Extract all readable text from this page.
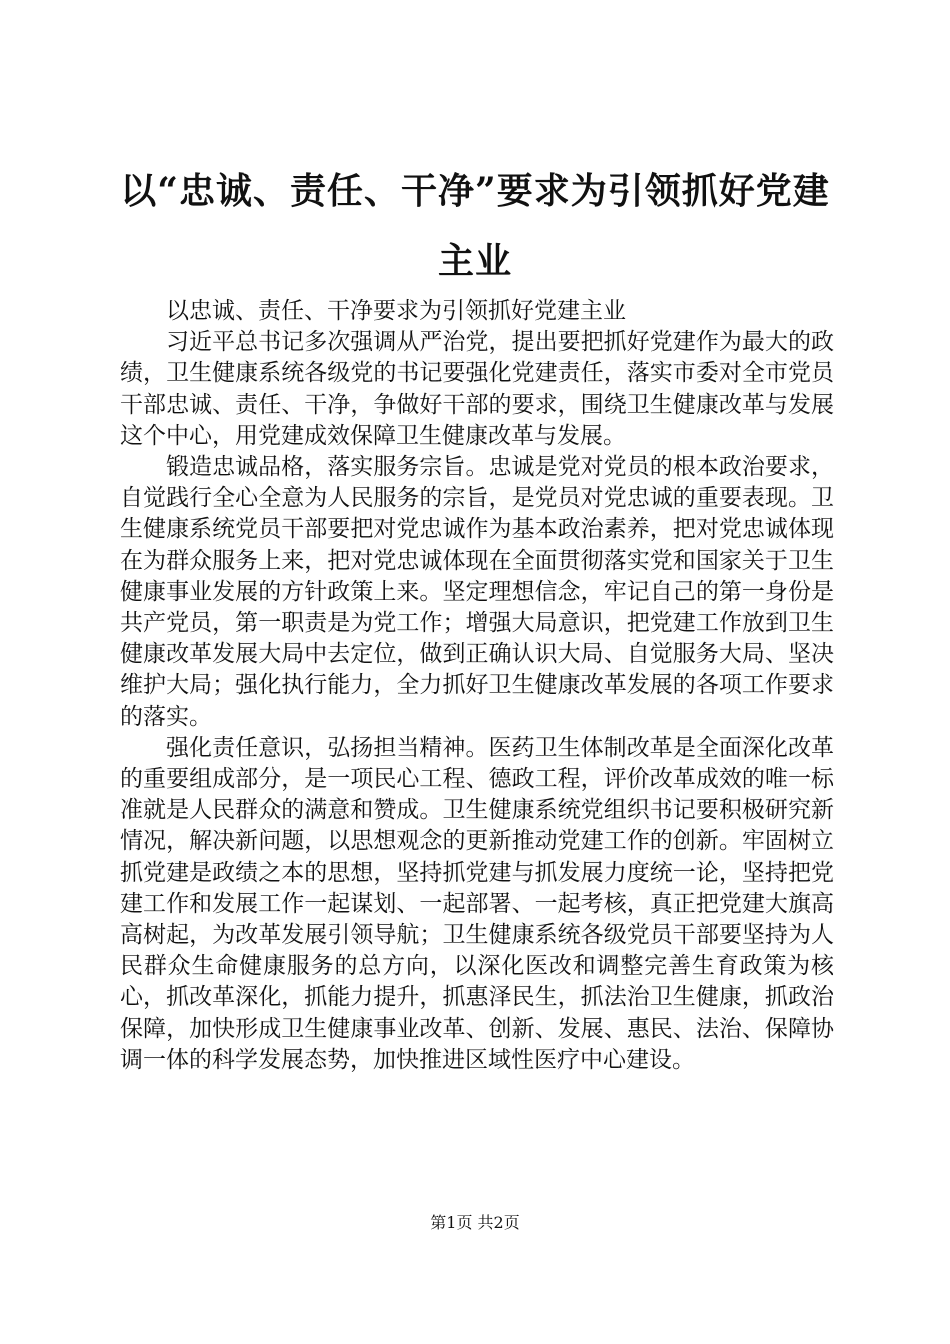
以“忠诚、责任、干净”要求为引领抓好党建主业

以忠诚、责任、干净要求为引领抓好党建主业

习近平总书记多次强调从严治党，提出要把抓好党建作为最大的政绩，卫生健康系统各级党的书记要强化党建责任，落实市委对全市党员干部忠诚、责任、干净，争做好干部的要求，围绕卫生健康改革与发展这个中心，用党建成效保障卫生健康改革与发展。

锻造忠诚品格，落实服务宗旨。忠诚是党对党员的根本政治要求，自觉践行全心全意为人民服务的宗旨，是党员对党忠诚的重要表现。卫生健康系统党员干部要把对党忠诚作为基本政治素养，把对党忠诚体现在为群众服务上来，把对党忠诚体现在全面贯彻落实党和国家关于卫生健康事业发展的方针政策上来。坚定理想信念，牢记自己的第一身份是共产党员，第一职责是为党工作；增强大局意识，把党建工作放到卫生健康改革发展大局中去定位，做到正确认识大局、自觉服务大局、坚决维护大局；强化执行能力，全力抓好卫生健康改革发展的各项工作要求的落实。

强化责任意识，弘扬担当精神。医药卫生体制改革是全面深化改革的重要组成部分，是一项民心工程、德政工程，评价改革成效的唯一标准就是人民群众的满意和赞成。卫生健康系统党组织书记要积极研究新情况，解决新问题，以思想观念的更新推动党建工作的创新。牢固树立抓党建是政绩之本的思想，坚持抓党建与抓发展力度统一论，坚持把党建工作和发展工作一起谋划、一起部署、一起考核，真正把党建大旗高高树起，为改革发展引领导航；卫生健康系统各级党员干部要坚持为人民群众生命健康服务的总方向，以深化医改和调整完善生育政策为核心，抓改革深化，抓能力提升，抓惠泽民生，抓法治卫生健康，抓政治保障，加快形成卫生健康事业改革、创新、发展、惠民、法治、保障协调一体的科学发展态势，加快推进区域性医疗中心建设。

第1页 共2页
